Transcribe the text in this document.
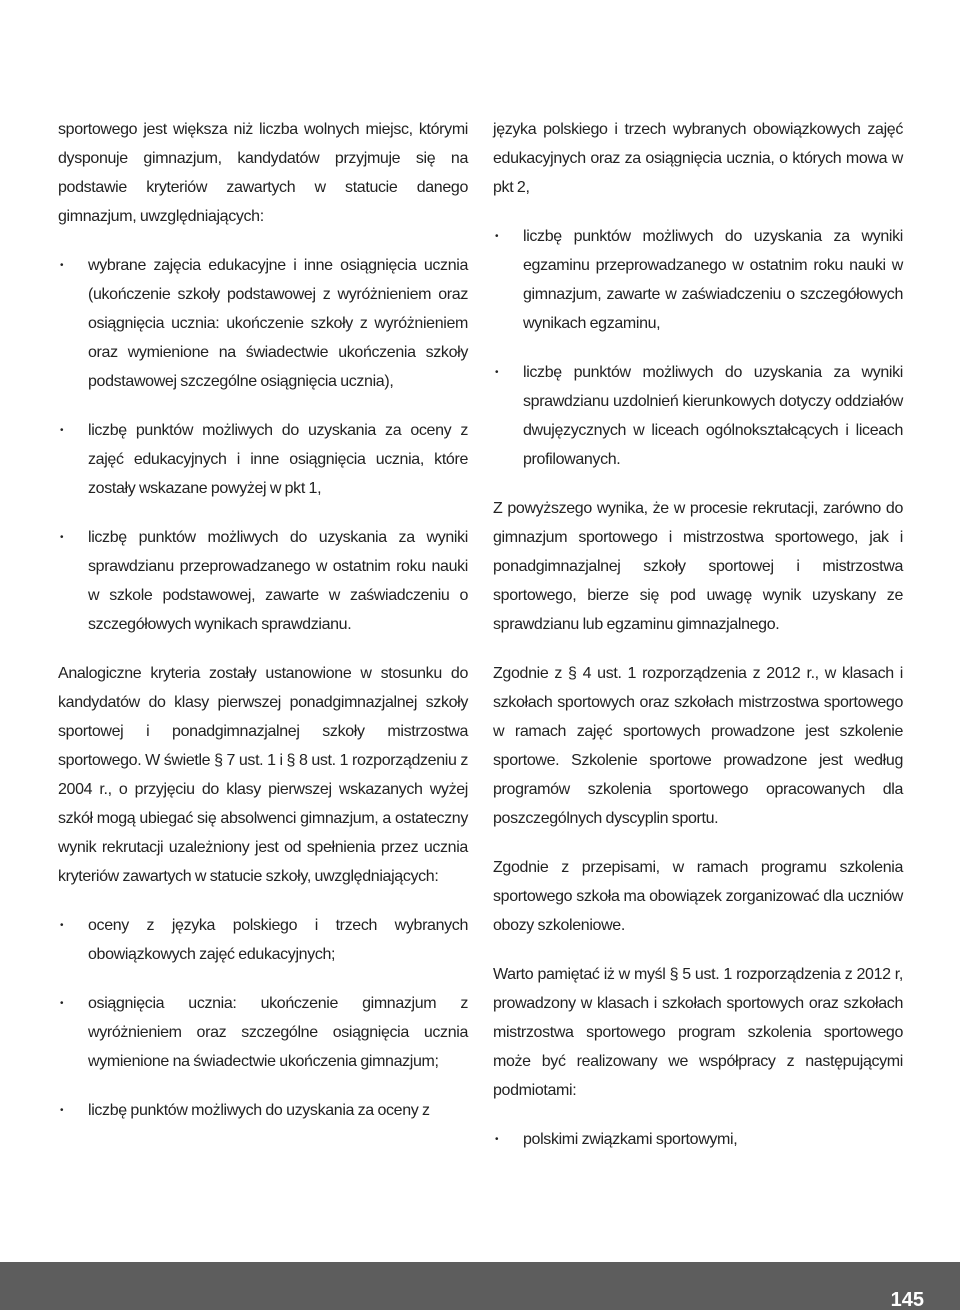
sportowego jest większa niż liczba wolnych miejsc, którymi dysponuje gimnazjum, kandydatów przyjmuje się na podstawie kryteriów zawartych w statucie danego gimnazjum, uwzględniających:

• wybrane zajęcia edukacyjne i inne osiągnięcia ucznia (ukończenie szkoły podstawowej z wyróżnieniem oraz osiągnięcia ucznia: ukończenie szkoły z wyróżnieniem oraz wymienione na świadectwie ukończenia szkoły podstawowej szczególne osiągnięcia ucznia),
• liczbę punktów możliwych do uzyskania za oceny z zajęć edukacyjnych i inne osiągnięcia ucznia, które zostały wskazane powyżej w pkt 1,
• liczbę punktów możliwych do uzyskania za wyniki sprawdzianu przeprowadzanego w ostatnim roku nauki w szkole podstawowej, zawarte w zaświadczeniu o szczegółowych wynikach sprawdzianu.

Analogiczne kryteria zostały ustanowione w stosunku do kandydatów do klasy pierwszej ponadgimnazjalnej szkoły sportowej i ponadgimnazjalnej szkoły mistrzostwa sportowego. W świetle § 7 ust. 1 i § 8 ust. 1 rozporządzeniu z 2004 r., o przyjęciu do klasy pierwszej wskazanych wyżej szkół mogą ubiegać się absolwenci gimnazjum, a ostateczny wynik rekrutacji uzależniony jest od spełnienia przez ucznia kryteriów zawartych w statucie szkoły, uwzględniających:

• oceny z języka polskiego i trzech wybranych obowiązkowych zajęć edukacyjnych;
• osiągnięcia ucznia: ukończenie gimnazjum z wyróżnieniem oraz szczególne osiągnięcia ucznia wymienione na świadectwie ukończenia gimnazjum;
• liczbę punktów możliwych do uzyskania za oceny z

języka polskiego i trzech wybranych obowiązkowych zajęć edukacyjnych oraz za osiągnięcia ucznia, o których mowa w pkt 2,

• liczbę punktów możliwych do uzyskania za wyniki egzaminu przeprowadzanego w ostatnim roku nauki w gimnazjum, zawarte w zaświadczeniu o szczegółowych wynikach egzaminu,
• liczbę punktów możliwych do uzyskania za wyniki sprawdzianu uzdolnień kierunkowych dotyczy oddziałów dwujęzycznych w liceach ogólnokształcących i liceach profilowanych.

Z powyższego wynika, że w procesie rekrutacji, zarówno do gimnazjum sportowego i mistrzostwa sportowego, jak i ponadgimnazjalnej szkoły sportowej i mistrzostwa sportowego, bierze się pod uwagę wynik uzyskany ze sprawdzianu lub egzaminu gimnazjalnego.

Zgodnie z § 4 ust. 1 rozporządzenia z 2012 r., w klasach i szkołach sportowych oraz szkołach mistrzostwa sportowego w ramach zajęć sportowych prowadzone jest szkolenie sportowe. Szkolenie sportowe prowadzone jest według programów szkolenia sportowego opracowanych dla poszczególnych dyscyplin sportu.

Zgodnie z przepisami, w ramach programu szkolenia sportowego szkoła ma obowiązek zorganizować dla uczniów obozy szkoleniowe.

Warto pamiętać iż w myśl § 5 ust. 1 rozporządzenia z 2012 r, prowadzony w klasach i szkołach sportowych oraz szkołach mistrzostwa sportowego program szkolenia sportowego może być realizowany we współpracy z następującymi podmiotami:

• polskimi związkami sportowymi,
145
